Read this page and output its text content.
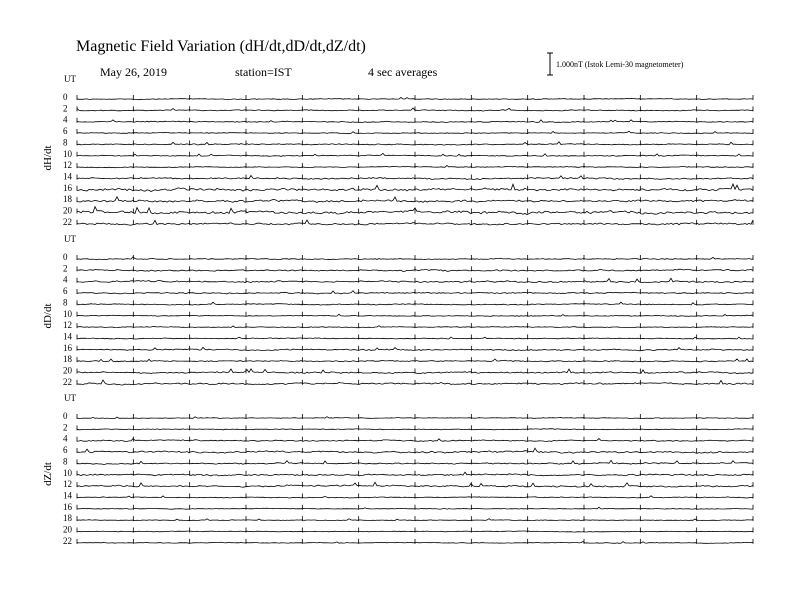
Magnetic Field Variation (dH/dt,dD/dt,dZ/dt)
May 26, 2019	station=IST	4 sec averages
1.000nT (Istok Lemi-30 magnetometer)
UT
UT
UT
dH/dt
dD/dt
dZ/dt
0
2
4
6
8
10
12
14
16
18
20
22
0
2
4
6
8
10
12
14
16
18
20
22
0
2
4
6
8
10
12
14
16
18
20
22
